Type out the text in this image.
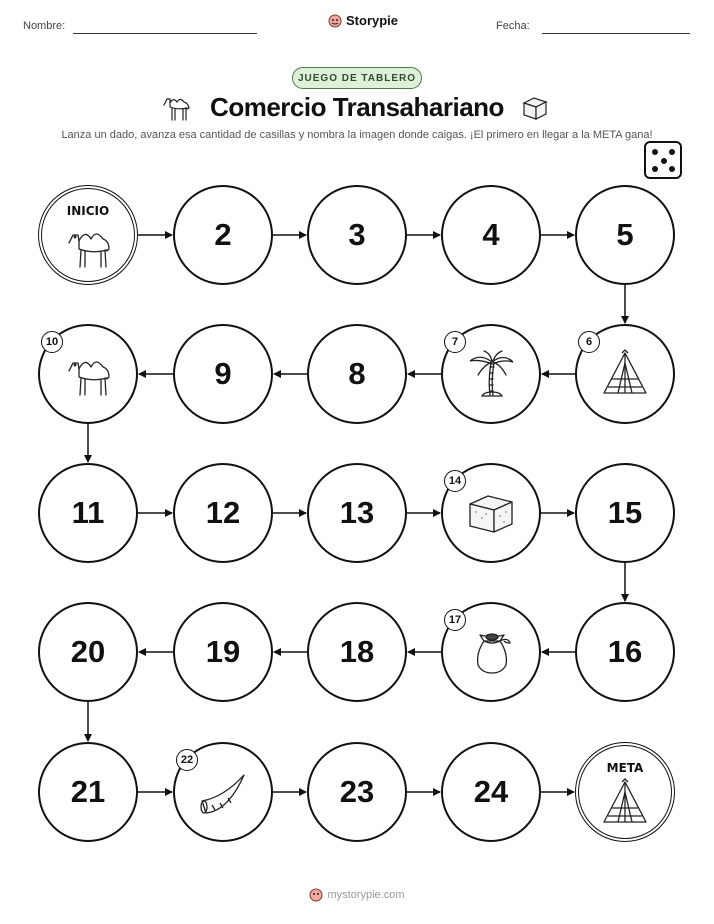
Nombre:	Storypie	Fecha:
JUEGO DE TABLERO
Comercio Transahariano
Lanza un dado, avanza esa cantidad de casillas y nombra la imagen donde caigas. ¡El primero en llegar a la META gana!
INICIO
2	3	4	5
6
7
8
9
10
11	12	13
14
15
16
17
18
19
20
21
22
23	24
META
mystorypie.com
